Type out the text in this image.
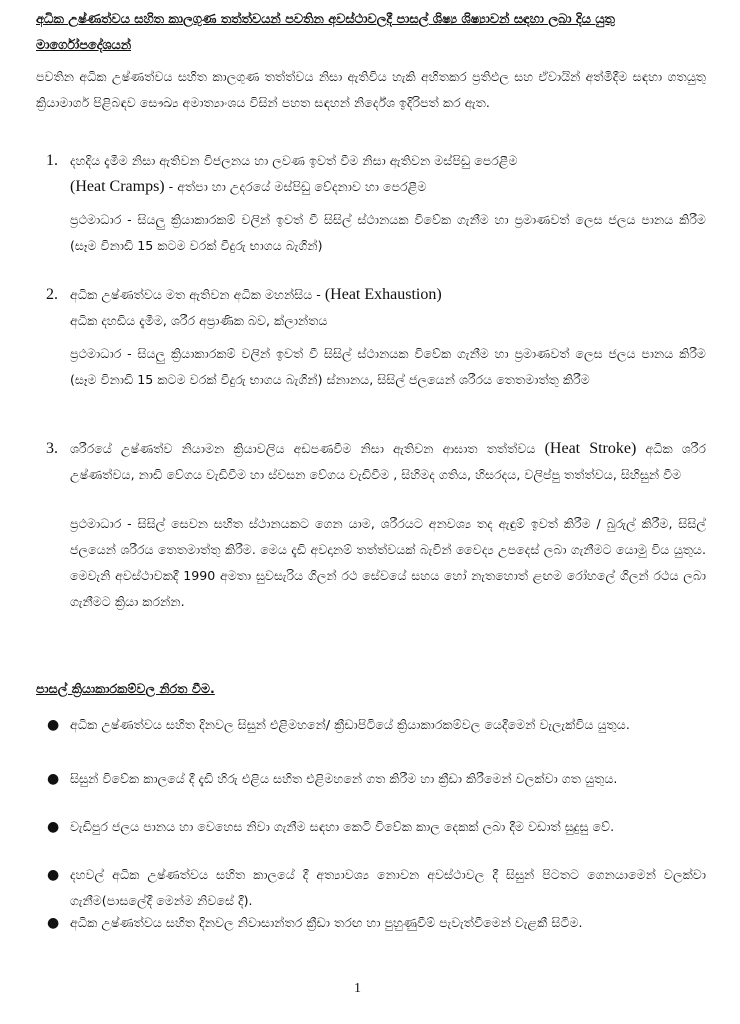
අධික උෂ්ණත්වය සහිත කාලගුණ තත්ත්වයන් පවතින අවස්ථාවලදී පාසල් ශිෂ්‍ය ශිෂ්‍යාවන් සඳහා ලබා දිය යුතු මාර්ගෝපදේශයන්
පවතින අධික උෂ්ණත්වය සහිත කාලගුණ තත්ත්වය නිසා ඇතිවිය හැකි අහිතකර ප්‍රතිඵල සහ ඒවායින් අත්මිදීම සඳහා ගතයුතු ක්‍රියාමාර්ග පිළිබඳව සෞඛ්‍ය අමාත්‍යාංශය විසින් පහත සඳහන් නිර්දේශ ඉදිරිපත් කර ඇත.
1. දහදිය දැමීම නිසා ඇතිවන විජලනය හා ලවණ ඉවත් වීම නිසා ඇතිවන මස්පිඩු පෙරළීම
(Heat Cramps) - අත්පා හා උදරයේ මස්පිඩු වේදනාව හා පෙරළීම
ප්‍රථමාධාර - සියලු ක්‍රියාකාරකම් වලින් ඉවත් වී සිසිල් ස්ථානයක විවේක ගැනීම හා ප්‍රමාණවත් ලෙස ජලය පානය කිරීම (සෑම විනාඩි 15 කටම වරක් වීදුරු භාගය බැගින්)
2. අධික උෂ්ණත්වය මත ඇතිවන අධික මහන්සිය - (Heat Exhaustion)
අධික දහඩිය දැමීම, ශරීර අප්‍රාණික බව, ක්ලාන්තය
ප්‍රථමාධාර - සියලු ක්‍රියාකාරකම් වලින් ඉවත් වී සිසිල් ස්ථානයක විවේක ගැනීම හා ප්‍රමාණවත් ලෙස ජලය පානය කිරීම (සෑම විනාඩි 15 කටම වරක් වීදුරු භාගය බැගින්) ස්නානය, සිසිල් ජලයෙන් ශරීරය තෙතමාත්තු කිරීම
3. ශරීරයේ උෂ්ණත්ව නියාමන ක්‍රියාවලිය අඩපණවීම නිසා ඇතිවන ආඝාත තත්ත්වය (Heat Stroke) අධික ශරීර උෂ්ණත්වය, නාඩි වේගය වැඩිවීම හා ස්වසන වේගය වැඩිවීම , සිහිමද ගතිය, හිසරදය, වලිප්පු තත්ත්වය, සිහිසුන් වීම
ප්‍රථමාධාර - සිසිල් සෙවන සහිත ස්ථානයකට ගෙන යාම, ශරීරයට අනවශ්‍ය තද ඇඳුම් ඉවත් කිරීම / බුරුල් කිරීම, සිසිල් ජලයෙන් ශරීරය තෙතමාත්තු කිරීම. මෙය දැඩි අවදානම් තත්ත්වයක් බැවින් වෛද්‍ය උපදෙස් ලබා ගැනීමට යොමු විය යුතුය. මෙවැනි අවස්ථාවකදී 1990 අමතා සුවසැරිය ගිලන් රථ සේවයේ සහය හෝ නැතහොත් ළඟම රෝහලේ ගිලන් රථය ලබා ගැනීමට ක්‍රියා කරන්න.
පාසල් ක්‍රියාකාරකම්වල නිරත වීම.
● අධික උෂ්ණත්වය සහිත දිනවල සිසුන් එළිමහනේ/ ක්‍රීඩාපිටියේ ක්‍රියාකාරකම්වල යෙදීමෙන් වැලැක්විය යුතුය.
● සිසුන් විවේක කාලයේ දී දැඩි හිරු එළිය සහිත එළිමහනේ ගත කිරීම හා ක්‍රීඩා කිරීමෙන් වලක්වා ගත යුතුය.
● වැඩිපුර ජලය පානය හා වෙහෙස නිවා ගැනීම සඳහා කෙටි විවේක කාල දෙකක් ලබා දීම වඩාත් සුදුසු වේ.
● දහවල් අධික උෂ්ණත්වය සහිත කාලයේ දී අත්‍යාවශ්‍ය නොවන අවස්ථාවල දී සිසුන් පිටතට ගෙනයාමෙන් වලක්වා ගැනීම(පාසලේදී මෙන්ම නිවසේ දී).
● අධික උෂ්ණත්වය සහිත දිනවල නිවාසාන්තර ක්‍රීඩා තරඟ හා පුහුණුවීම් පැවැත්වීමෙන් වැළකී සිටීම.
1
